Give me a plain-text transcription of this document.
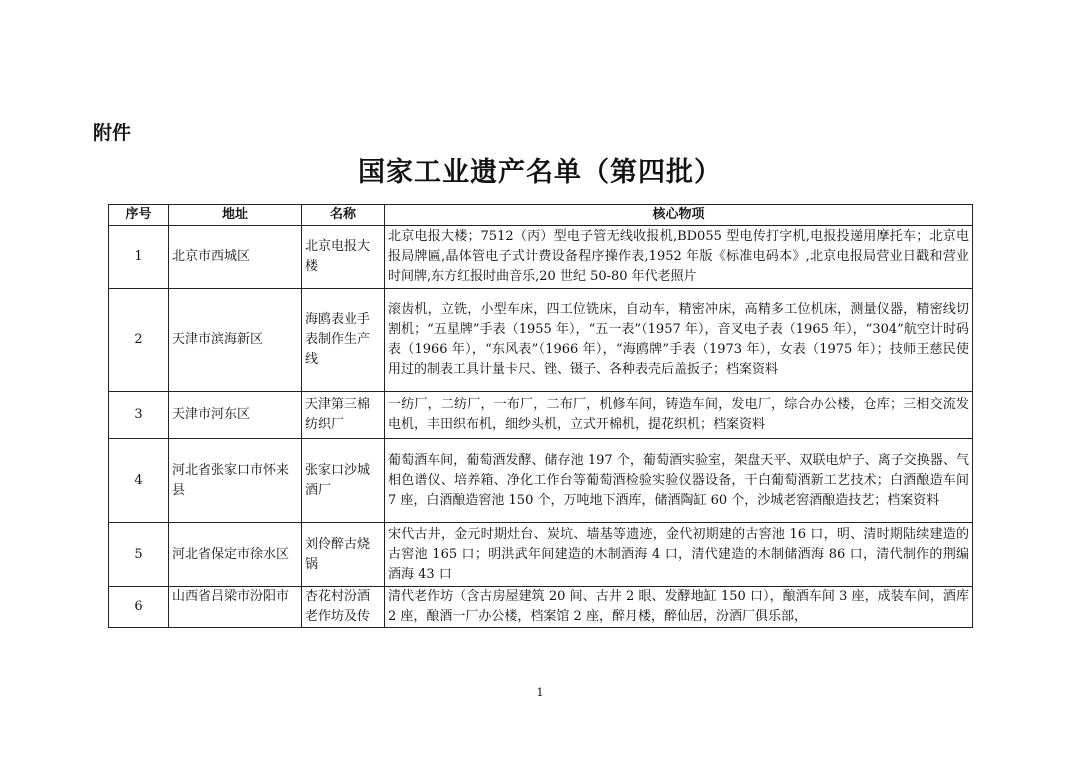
附件
国家工业遗产名单（第四批）
序号	地址	名称	核心物项
1	北京市西城区	北京电报大楼	北京电报大楼；7512（丙）型电子管无线收报机,BD055 型电传打字机,电报投递用摩托车；北京电报局牌匾,晶体管电子式计费设备程序操作表,1952 年版《标准电码本》,北京电报局营业日戳和营业时间牌,东方红报时曲音乐,20 世纪 50-80 年代老照片
2	天津市滨海新区	海鸥表业手表制作生产线	滚齿机，立铣，小型车床，四工位铣床，自动车，精密冲床，高精多工位机床，测量仪器，精密线切割机；“五星牌”手表（1955 年），“五一表”（1957 年），音叉电子表（1965 年），“304”航空计时码表（1966 年），“东风表”（1966 年），“海鸥牌”手表（1973 年），女表（1975 年）；技师王慈民使用过的制表工具计量卡尺、锉、镊子、各种表壳后盖扳子；档案资料
3	天津市河东区	天津第三棉纺织厂	一纺厂，二纺厂，一布厂，二布厂，机修车间，铸造车间，发电厂，综合办公楼，仓库；三相交流发电机，丰田织布机，细纱头机，立式开棉机，提花织机；档案资料
4	河北省张家口市怀来县	张家口沙城酒厂	葡萄酒车间，葡萄酒发酵、储存池 197 个，葡萄酒实验室，架盘天平、双联电炉子、离子交换器、气相色谱仪、培养箱、净化工作台等葡萄酒检验实验仪器设备，干白葡萄酒新工艺技术；白酒酿造车间 7 座，白酒酿造窖池 150 个，万吨地下酒库，储酒陶缸 60 个，沙城老窖酒酿造技艺；档案资料
5	河北省保定市徐水区	刘伶醉古烧锅	宋代古井，金元时期灶台、炭坑、墙基等遗迹，金代初期建的古窖池 16 口，明、清时期陆续建造的古窖池 165 口；明洪武年间建造的木制酒海 4 口，清代建造的木制储酒海 86 口，清代制作的荆编酒海 43 口

6	山西省吕梁市汾阳市	杏花村汾酒老作坊及传	清代老作坊（含古房屋建筑 20 间、古井 2 眼、发酵地缸 150 口），酿酒车间 3 座，成装车间，酒库 2 座，酿酒一厂办公楼，档案馆 2 座，醉月楼，醉仙居，汾酒厂俱乐部，
1
